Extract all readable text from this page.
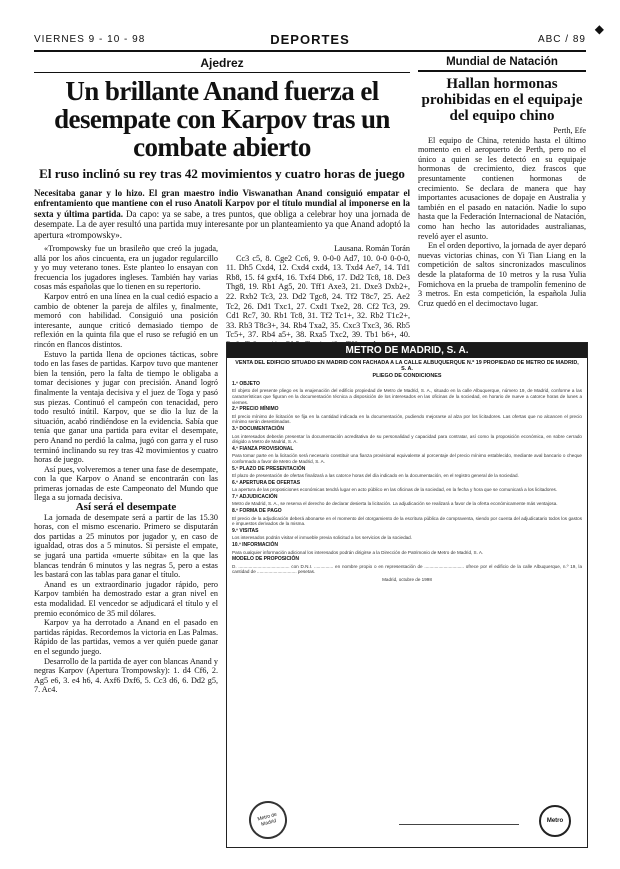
VIERNES 9 - 10 - 98	DEPORTES	ABC / 89
◆
Ajedrez
Un brillante Anand fuerza el desempate con Karpov tras un combate abierto
El ruso inclinó su rey tras 42 movimientos y cuatro horas de juego

Necesitaba ganar y lo hizo. El gran maestro indio Viswanathan Anand consiguió empatar el enfrentamiento que mantiene con el ruso Anatoli Karpov por el título mundial al imponerse en la sexta y última partida. Da capo: ya se sabe, a tres puntos, que obliga a celebrar hoy una jornada de desempate. La de ayer resultó una partida muy interesante por un planteamiento ya que Anand adoptó la apertura «trompowsky».

«Trompowsky fue un brasileño que creó la jugada, allá por los años cincuenta, era un jugador regularcillo y yo muy veterano tones. Este planteo lo ensayan con frecuencia los jugadores ingleses. También hay varias cosas más españolas que lo tienen en su repertorio.

Karpov entró en una línea en la cual cedió espacio a cambio de obtener la pareja de alfiles y, finalmente, memoró con habilidad. Consiguió una posición interesante, aunque criticó demasiado tiempo de reflexión en la quinta fila que el ruso se refugió en un rincón en flancos distintos.

Estuvo la partida llena de opciones tácticas, sobre todo en las fases de partidas. Karpov tuvo que mantener bien la tensión, pero la falta de tiempo le obligaba a tomar decisiones y jugar con precisión. Anand logró finalmente la ventaja decisiva y el juez de Toga y pasó sus piezas. Continuó el campeón con tenacidad, pero todo resultó inútil. Karpov, que se dio la luz de la situación, acabó rindiéndose en la evidencia. Sabía que tenía que ganar una partida para evitar el desempate, pero Anand no perdió la calma, jugó con garra y el ruso terminó inclinando su rey tras 42 movimientos y cuatro horas de juego.

Así pues, volveremos a tener una fase de desempate, con la que Karpov o Anand se encontrarán con las primeras jornadas de este Campeonato del Mundo que llega a su jornada decisiva.

Así será el desempate

La jornada de desempate será a partir de las 15.30 horas, con el mismo escenario. Primero se disputarán dos partidas a 25 minutos por jugador y, en caso de igualdad, otras dos a 5 minutos. Si persiste el empate, se jugará una partida «muerte súbita» en la que las blancas tendrán 6 minutos y las negras 5, pero a estas les bastará con las tablas para ganar el título.

Anand es un extraordinario jugador rápido, pero Karpov también ha demostrado estar a gran nivel en esta modalidad. El vencedor se adjudicará el título y el premio económico de 35 mil dólares.

Karpov ya ha derrotado a Anand en el pasado en partidas rápidas. Recordemos la victoria en Las Palmas. Rápido de las partidas, vemos a ver quién puede ganar en el segundo juego.

Desarrollo de la partida de ayer con blancas Anand y negras Karpov (Apertura Trompowsky): 1. d4 Cf6, 2. Ag5 e6, 3. e4 h6, 4. Axf6 Dxf6, 5. Cc3 d6, 6. Dd2 g5, 7. Ac4.

Lausana. Román Torán

Cc3 c5, 8. Cge2 Cc6, 9. 0-0-0 Ad7, 10. 0-0 0-0-0, 11. Dh5 Cxd4, 12. Cxd4 cxd4, 13. Txd4 Ae7, 14. Td1 Rb8, 15. f4 gxf4, 16. Txf4 Db6, 17. Dd2 Tc8, 18. De3 Thg8, 19. Rb1 Ag5, 20. Tff1 Axe3, 21. Dxe3 Dxb2+, 22. Rxb2 Tc3, 23. Dd2 Tgc8, 24. Tf2 T8c7, 25. Ae2 Tc2, 26. Dd1 Txc1, 27. Cxd1 Txe2, 28. Cf2 Tc3, 29. Cd1 Rc7, 30. Rb1 Tc8, 31. Tf2 Tc1+, 32. Rb2 T1c2+, 33. Rb3 T8c3+, 34. Rb4 Txa2, 35. Cxc3 Txc3, 36. Rb5 Tc5+, 37. Rb4 a5+, 38. Rxa5 Txc2, 39. Tb1 b6+, 40.

Mundial de Natación
Hallan hormonas prohibidas en el equipaje del equipo chino

Perth, Efe

El equipo de China, retenido hasta el último momento en el aeropuerto de Perth, pero no el único a quien se les detectó en su equipaje hormonas de crecimiento, diez frascos que presuntamente contienen hormonas de crecimiento. Se declara de manera que hay importantes acusaciones de dopaje en Australia y también en el pasado en natación. Nadie lo supo hasta que la Federación Internacional de Natación, como han hecho las autoridades australianas, reveló ayer el asunto.

En el orden deportivo, la jornada de ayer deparó nuevas victorias chinas, con Yi Tian Liang en la competición de saltos sincronizados masculinos desde la plataforma de 10 metros y la rusa Yulia Fomichova en la prueba de trampolín femenino de 3 metros. En esta competición, la española Julia Cruz quedó en el decimoctavo lugar.

METRO DE MADRID, S. A.

VENTA DEL EDIFICIO SITUADO EN MADRID CON FACHADA A LA CALLE ALBUQUERQUE N.º 19 PROPIEDAD DE METRO DE MADRID, S. A.

PLIEGO DE CONDICIONES

1.º OBJETO

El objeto del presente pliego es la enajenación del edificio propiedad de Metro de Madrid, S. A., situado en la calle Albuquerque, número 19, de Madrid, conforme a las características que figuran en la documentación técnica a disposición de los interesados en las oficinas de la sociedad, en horario de nueve a catorce horas de lunes a viernes.

2.º PRECIO MÍNIMO

El precio mínimo de licitación se fija en la cantidad indicada en la documentación, pudiendo mejorarse al alza por los licitadores. Las ofertas que no alcancen el precio mínimo serán desestimadas.

3.º DOCUMENTACIÓN

Los interesados deberán presentar la documentación acreditativa de su personalidad y capacidad para contratar, así como la proposición económica, en sobre cerrado dirigido a Metro de Madrid, S. A.

4.º FIANZA PROVISIONAL

Para tomar parte en la licitación será necesario constituir una fianza provisional equivalente al porcentaje del precio mínimo establecido, mediante aval bancario o cheque conformado a favor de Metro de Madrid, S. A.

5.º PLAZO DE PRESENTACIÓN

El plazo de presentación de ofertas finalizará a las catorce horas del día indicado en la documentación, en el registro general de la sociedad.

6.º APERTURA DE OFERTAS

La apertura de las proposiciones económicas tendrá lugar en acto público en las oficinas de la sociedad, en la fecha y hora que se comunicará a los licitadores.

7.º ADJUDICACIÓN

Metro de Madrid, S. A., se reserva el derecho de declarar desierta la licitación. La adjudicación se realizará a favor de la oferta económicamente más ventajosa.

8.º FORMA DE PAGO

El precio de la adjudicación deberá abonarse en el momento del otorgamiento de la escritura pública de compraventa, siendo por cuenta del adjudicatario todos los gastos e impuestos derivados de la misma.

9.º VISITAS

Los interesados podrán visitar el inmueble previa solicitud a los servicios de la sociedad.

10.º INFORMACIÓN

Para cualquier información adicional los interesados podrán dirigirse a la Dirección de Patrimonio de Metro de Madrid, S. A.

MODELO DE PROPOSICIÓN

D. ........................................ con D.N.I. ............... en nombre propio o en representación de ............................... ofrece por el edificio de la calle Albuquerque, n.º 19, la cantidad de ............................... pesetas.

Madrid, octubre de 1998

Metro de Madrid	Metro
